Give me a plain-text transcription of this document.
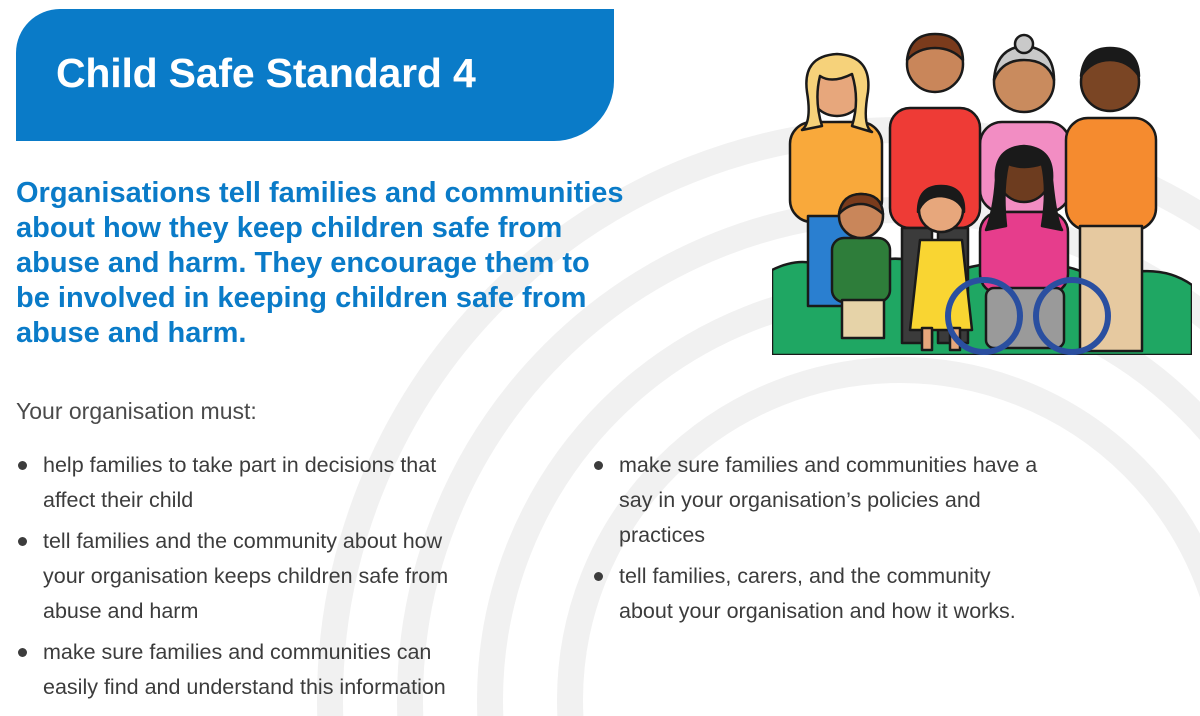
Child Safe Standard 4
Organisations tell families and communities
about how they keep children safe from
abuse and harm. They encourage them to
be involved in keeping children safe from
abuse and harm.
Your organisation must:
help families to take part in decisions that
affect their child
tell families and the community about how
your organisation keeps children safe from
abuse and harm
make sure families and communities can
easily find and understand this information
make sure families and communities have a
say in your organisation’s policies and
practices
tell families, carers, and the community
about your organisation and how it works.
